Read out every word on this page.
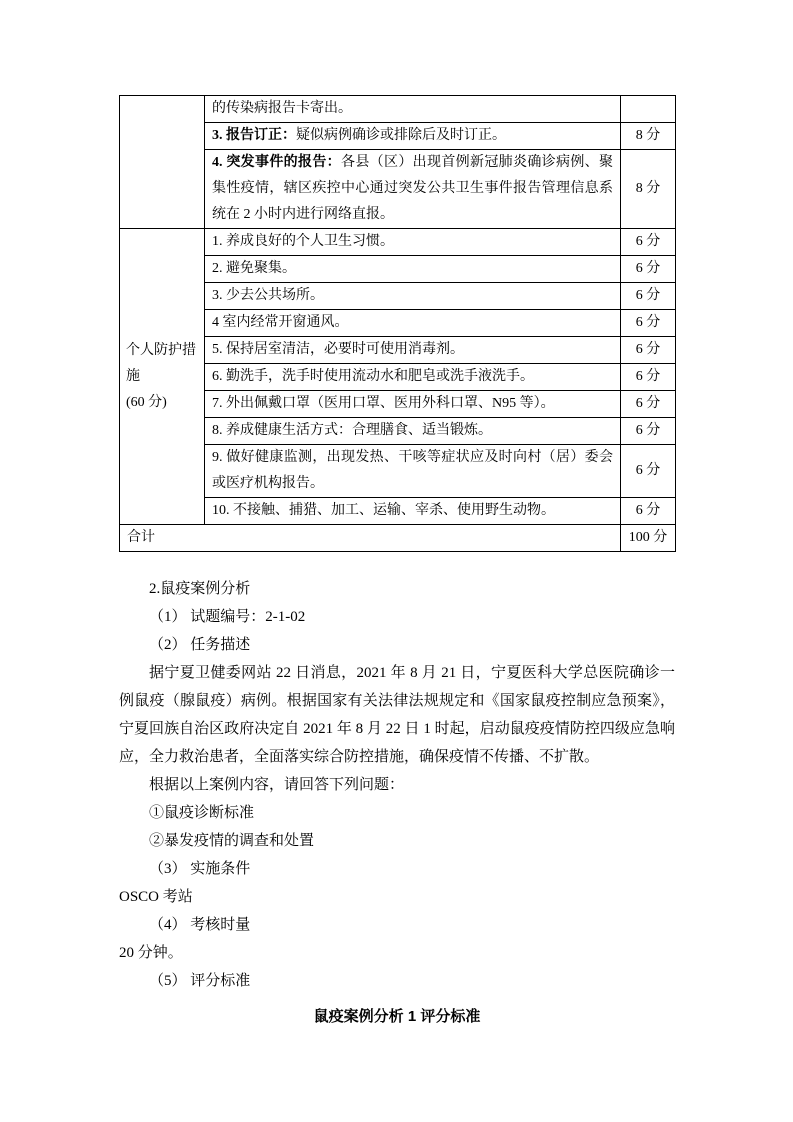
	的传染病报告卡寄出。	
	3. 报告订正：疑似病例确诊或排除后及时订正。	8 分
	4. 突发事件的报告：各县（区）出现首例新冠肺炎确诊病例、聚集性疫情，辖区疾控中心通过突发公共卫生事件报告管理信息系统在 2 小时内进行网络直报。	8 分

个人防护措
施
(60 分)	1. 养成良好的个人卫生习惯。	6 分
	2. 避免聚集。	6 分
	3. 少去公共场所。	6 分
	4 室内经常开窗通风。	6 分
	5. 保持居室清洁，必要时可使用消毒剂。	6 分
	6. 勤洗手，洗手时使用流动水和肥皂或洗手液洗手。	6 分
	7. 外出佩戴口罩（医用口罩、医用外科口罩、N95 等）。	6 分
	8. 养成健康生活方式：合理膳食、适当锻炼。	6 分
	9. 做好健康监测，出现发热、干咳等症状应及时向村（居）委会或医疗机构报告。	6 分
	10. 不接触、捕猎、加工、运输、宰杀、使用野生动物。	6 分
合计		100 分

2.鼠疫案例分析

（1） 试题编号：2-1-02

（2） 任务描述

据宁夏卫健委网站 22 日消息，2021 年 8 月 21 日，宁夏医科大学总医院确诊一例鼠疫（腺鼠疫）病例。根据国家有关法律法规规定和《国家鼠疫控制应急预案》，宁夏回族自治区政府决定自 2021 年 8 月 22 日 1 时起，启动鼠疫疫情防控四级应急响应，全力救治患者，全面落实综合防控措施，确保疫情不传播、不扩散。

根据以上案例内容，请回答下列问题：

①鼠疫诊断标准

②暴发疫情的调查和处置

（3） 实施条件

OSCO 考站

（4） 考核时量

20 分钟。

（5） 评分标准

鼠疫案例分析 1 评分标准
